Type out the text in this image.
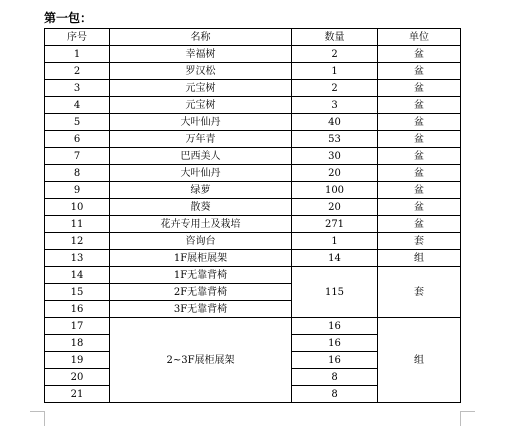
第一包：
序号	名称	数量	单位
1	幸福树	2	盆
2	罗汉松	1	盆
3	元宝树	2	盆
4	元宝树	3	盆
5	大叶仙丹	40	盆
6	万年青	53	盆
7	巴西美人	30	盆
8	大叶仙丹	20	盆
9	绿萝	100	盆
10	散葵	20	盆
11	花卉专用土及栽培	271	盆
12	咨询台	1	套
13	1F展柜展架	14	组
14	1F无靠背椅	115	套
15	2F无靠背椅		
16	3F无靠背椅		
17	2~3F展柜展架	16	组
18		16	
19		16	
20		8	
21		8	
